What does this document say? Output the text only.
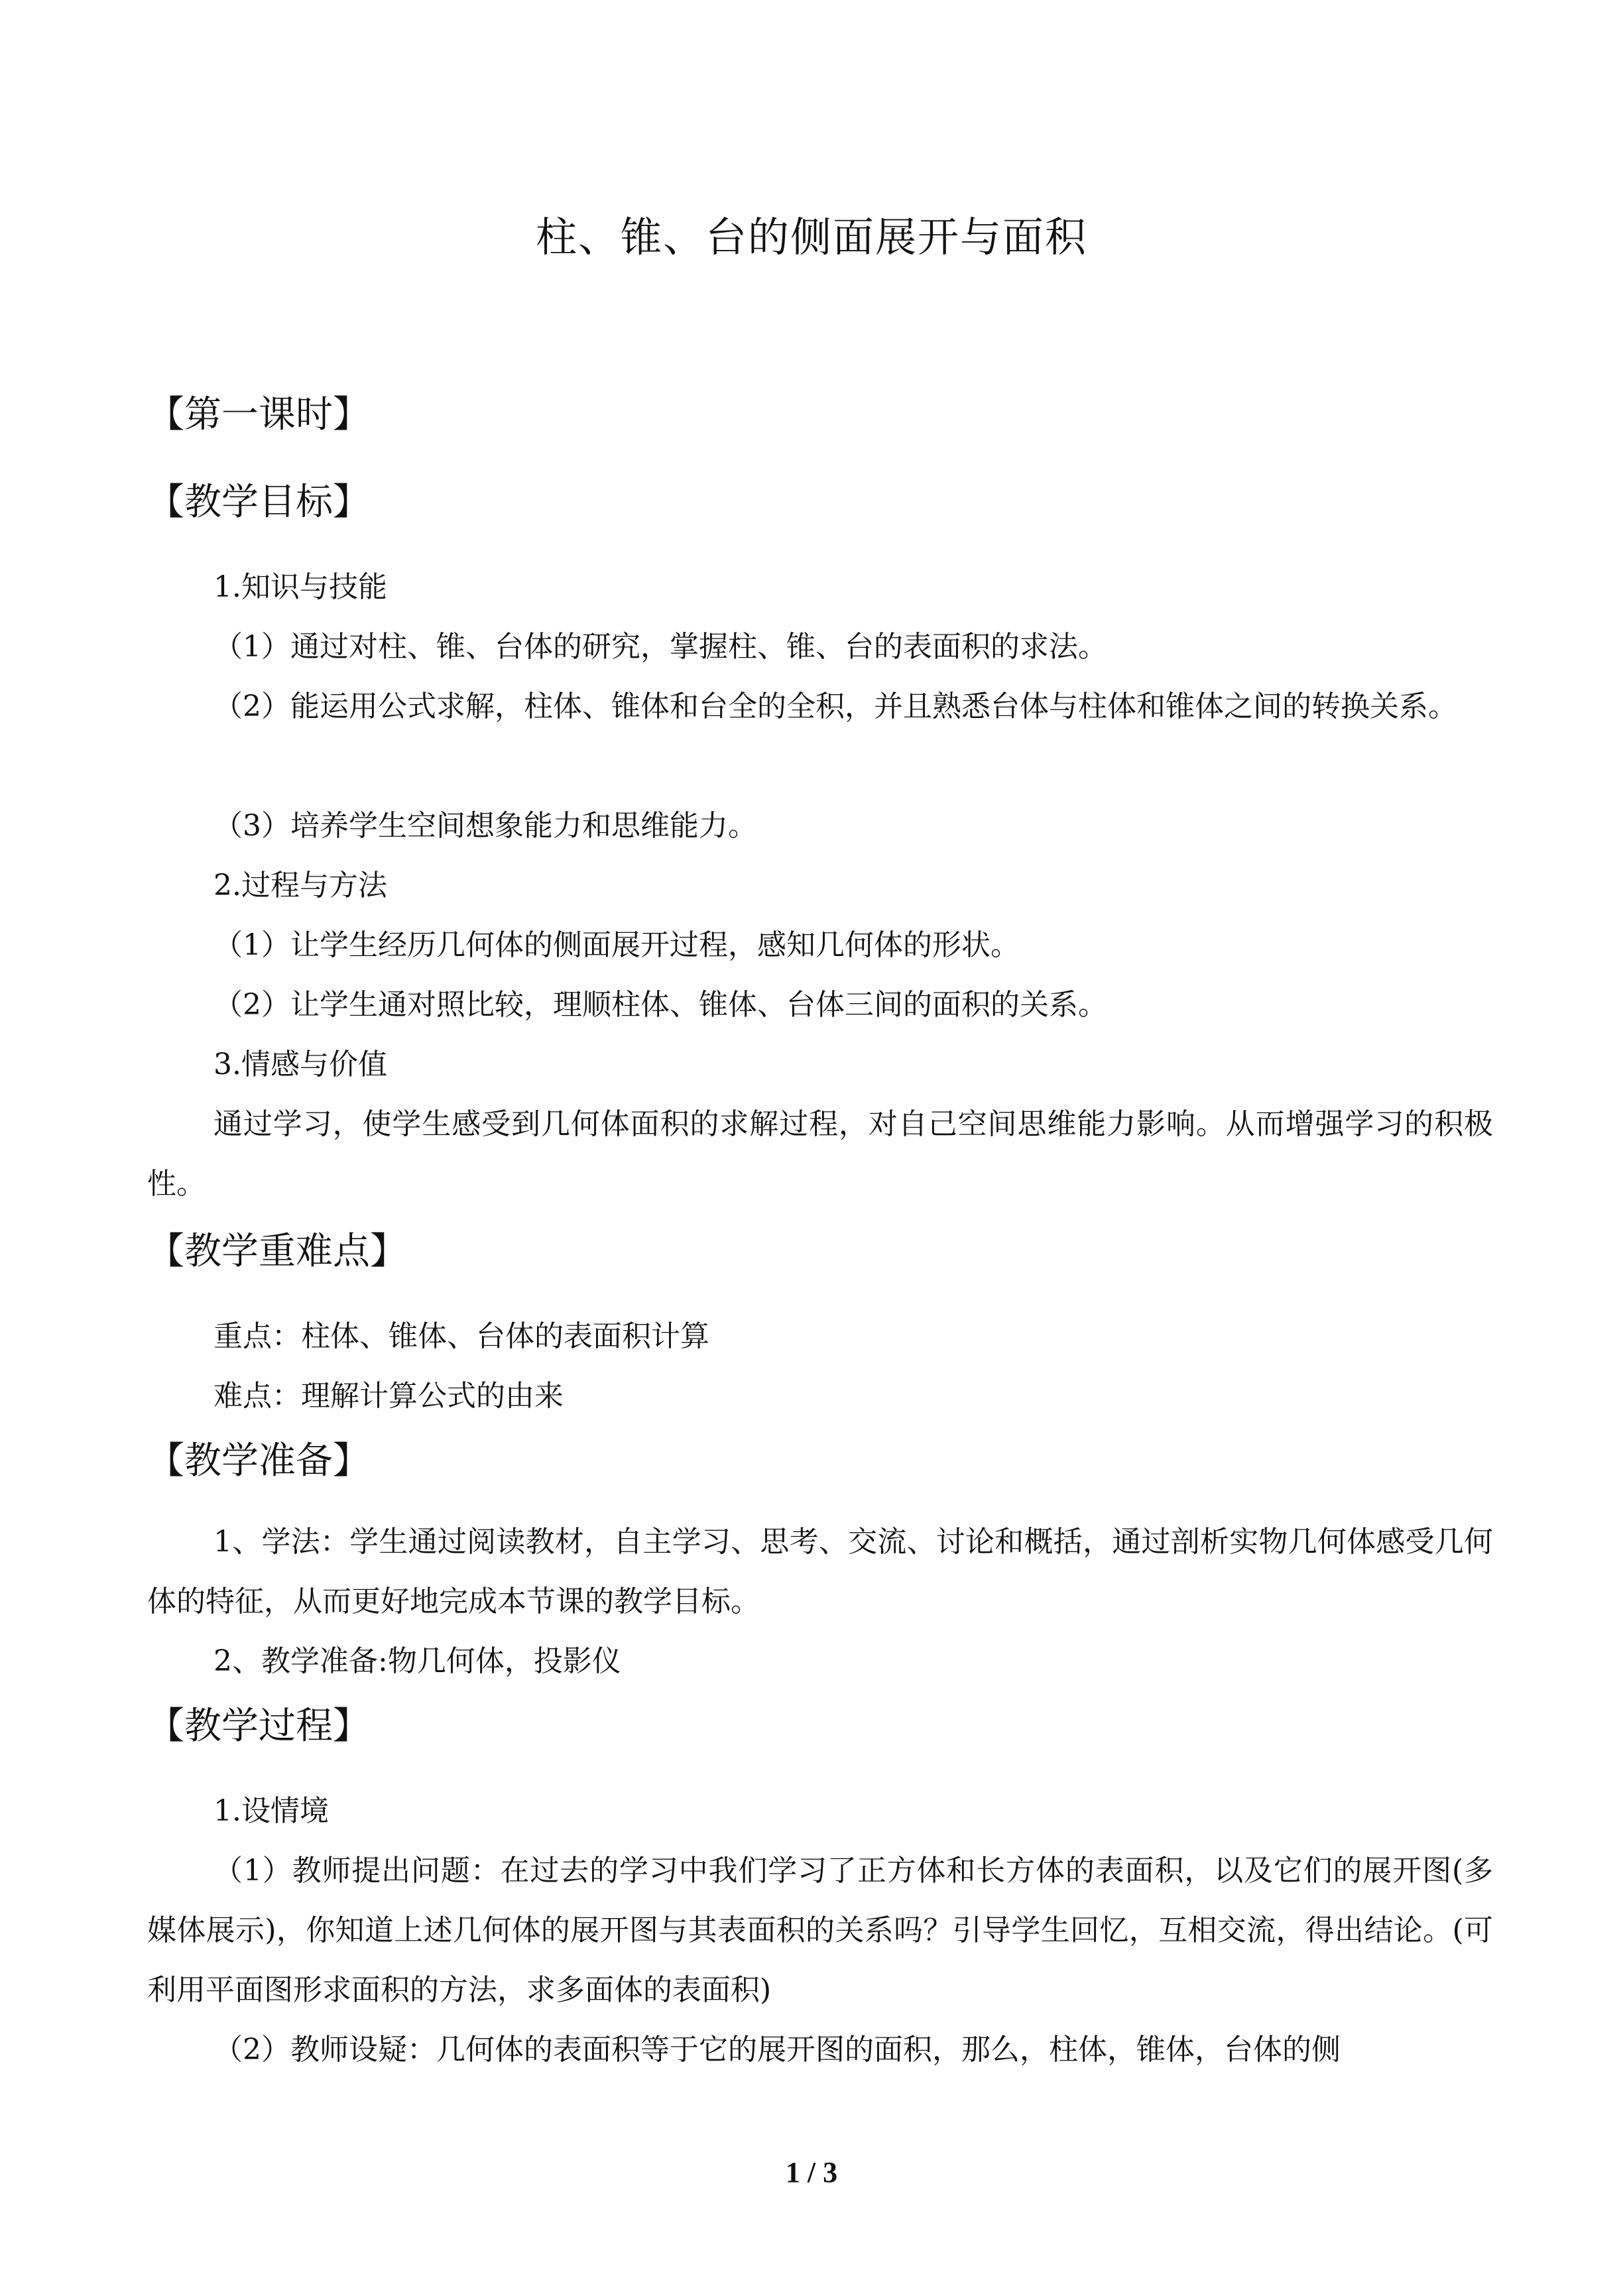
柱、锥、台的侧面展开与面积
【第一课时】
【教学目标】
1.知识与技能
（1）通过对柱、锥、台体的研究，掌握柱、锥、台的表面积的求法。
（2）能运用公式求解，柱体、锥体和台全的全积，并且熟悉台体与柱体和锥体之间的转换关系。
（3）培养学生空间想象能力和思维能力。
2.过程与方法
（1）让学生经历几何体的侧面展开过程，感知几何体的形状。
（2）让学生通对照比较，理顺柱体、锥体、台体三间的面积的关系。
3.情感与价值
通过学习，使学生感受到几何体面积的求解过程，对自己空间思维能力影响。从而增强学习的积极性。
【教学重难点】
重点：柱体、锥体、台体的表面积计算
难点：理解计算公式的由来
【教学准备】
1、学法：学生通过阅读教材，自主学习、思考、交流、讨论和概括，通过剖析实物几何体感受几何体的特征，从而更好地完成本节课的教学目标。
2、教学准备:物几何体，投影仪
【教学过程】
1.设情境
（1）教师提出问题：在过去的学习中我们学习了正方体和长方体的表面积，以及它们的展开图(多媒体展示)，你知道上述几何体的展开图与其表面积的关系吗？引导学生回忆，互相交流，得出结论。(可利用平面图形求面积的方法，求多面体的表面积)
（2）教师设疑：几何体的表面积等于它的展开图的面积，那么，柱体，锥体，台体的侧
1 / 3
